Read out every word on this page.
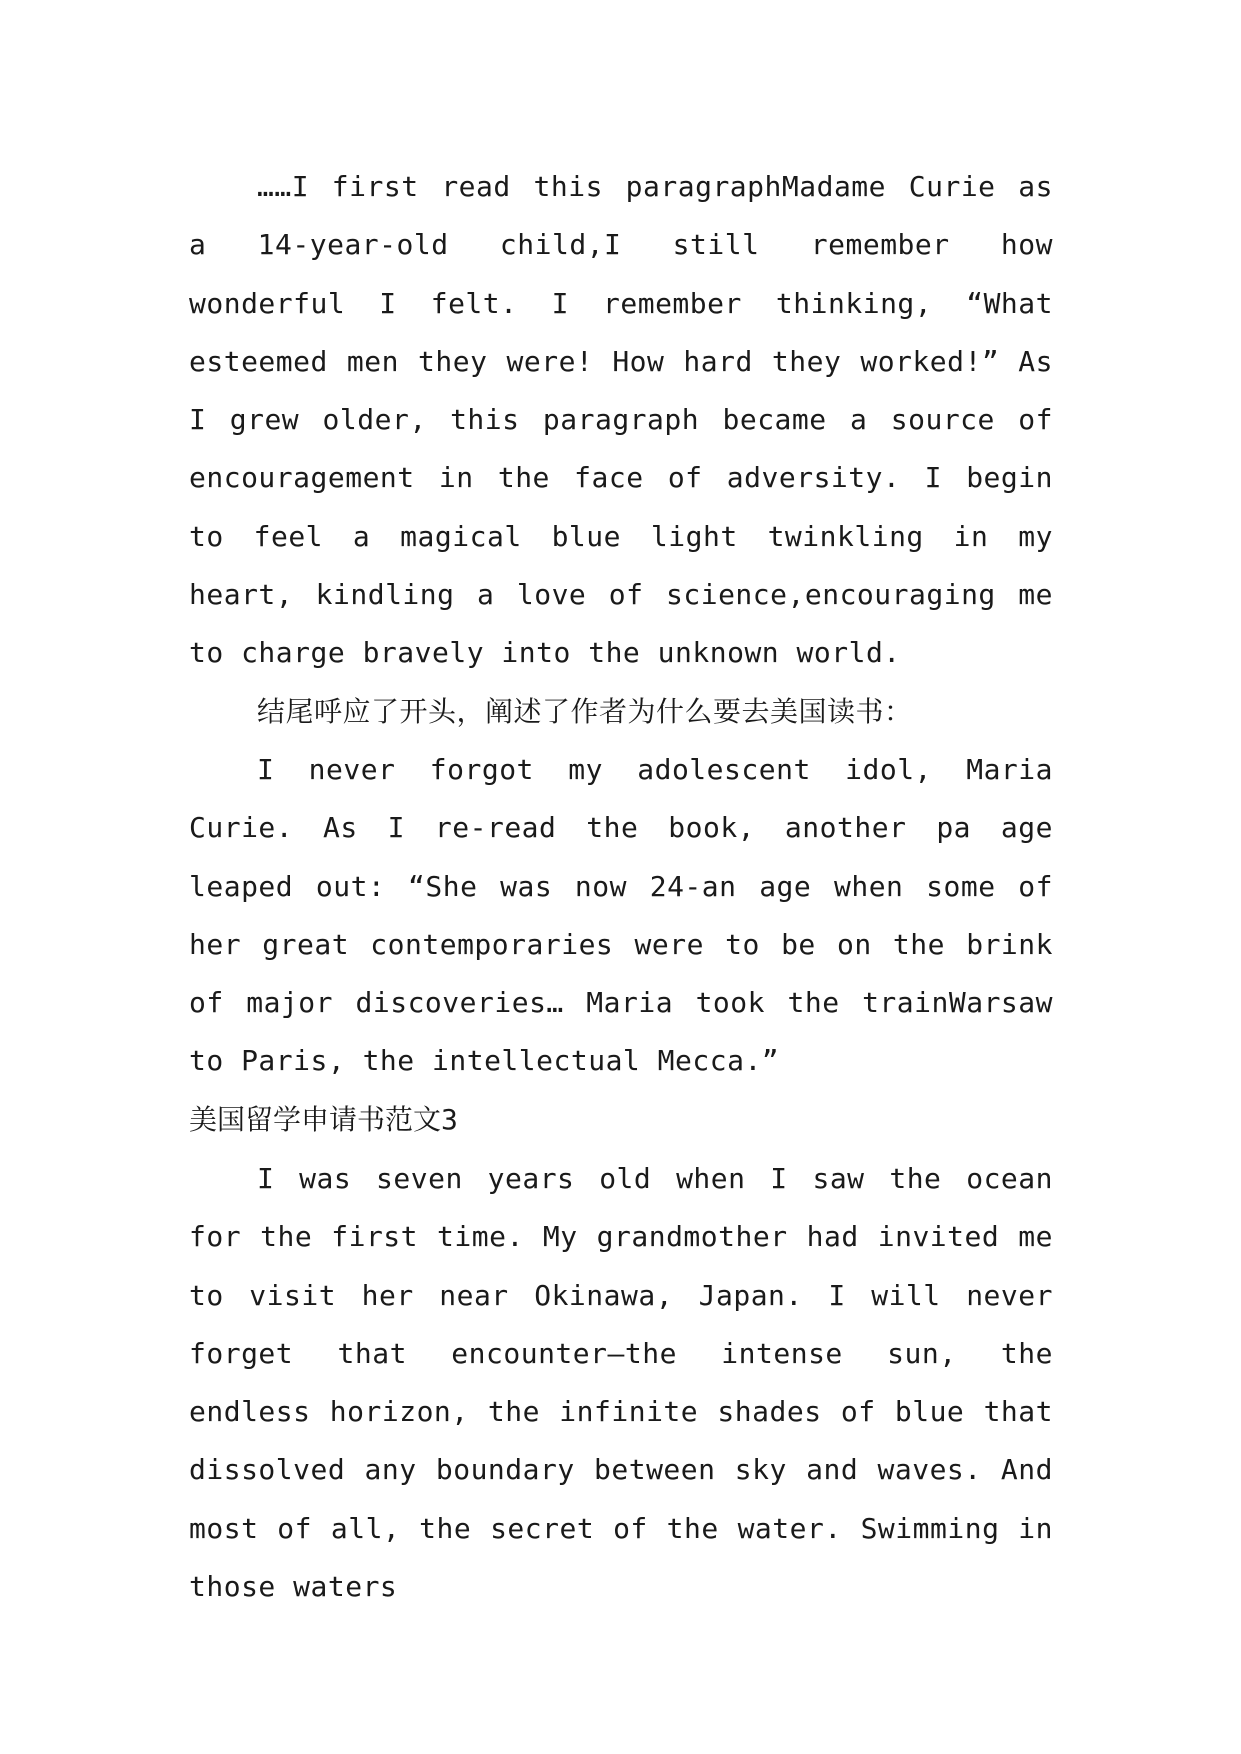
……I first read this paragraphMadame Curie as a 14-year-old child,I still remember how wonderful I felt. I remember thinking, “What esteemed men they were! How hard they worked!” As I grew older, this paragraph became a source of encouragement in the face of adversity. I begin to feel a magical blue light twinkling in my heart, kindling a love of science,encouraging me to charge bravely into the unknown world.

结尾呼应了开头，阐述了作者为什么要去美国读书：

I never forgot my adolescent idol, Maria Curie. As I re-read the book, another pa age leaped out: “She was now 24-an age when some of her great contemporaries were to be on the brink of major discoveries… Maria took the trainWarsaw to Paris, the intellectual Mecca.”

美国留学申请书范文3

I was seven years old when I saw the ocean for the first time. My grandmother had invited me to visit her near Okinawa, Japan. I will never forget that encounter—the intense sun, the endless horizon, the infinite shades of blue that dissolved any boundary between sky and waves. And most of all, the secret of the water. Swimming in those waters
